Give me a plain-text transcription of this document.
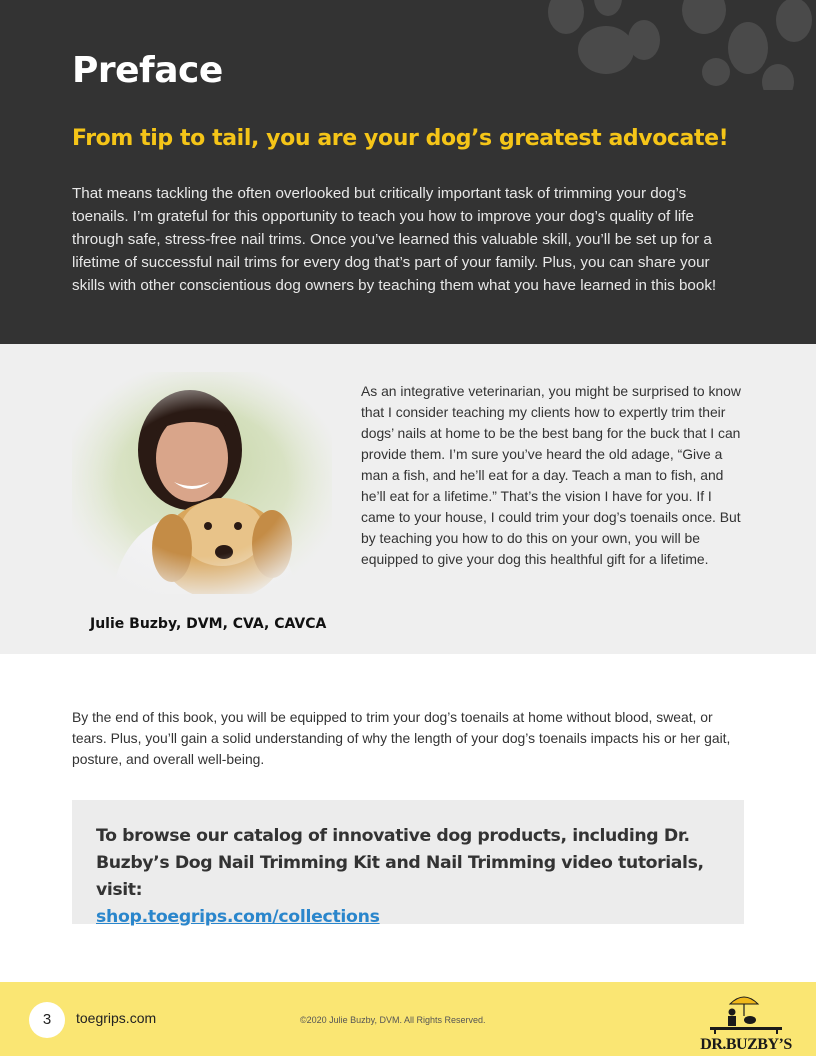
Preface
From tip to tail, you are your dog’s greatest advocate!

That means tackling the often overlooked but critically important task of trimming your dog’s toenails. I’m grateful for this opportunity to teach you how to improve your dog’s quality of life through safe, stress-free nail trims. Once you’ve learned this valuable skill, you’ll be set up for a lifetime of successful nail trims for every dog that’s part of your family. Plus, you can share your skills with other conscientious dog owners by teaching them what you have learned in this book!

Julie Buzby, DVM, CVA, CAVCA

As an integrative veterinarian, you might be surprised to know that I consider teaching my clients how to expertly trim their dogs’ nails at home to be the best bang for the buck that I can provide them. I’m sure you’ve heard the old adage, “Give a man a fish, and he’ll eat for a day. Teach a man to fish, and he’ll eat for a lifetime.” That’s the vision I have for you. If I came to your house, I could trim your dog’s toenails once. But by teaching you how to do this on your own, you will be equipped to give your dog this healthful gift for a lifetime.

By the end of this book, you will be equipped to trim your dog’s toenails at home without blood, sweat, or tears. Plus, you’ll gain a solid understanding of why the length of your dog’s toenails impacts his or her gait, posture, and overall well-being.

To browse our catalog of innovative dog products, including Dr. Buzby’s Dog Nail Trimming Kit and Nail Trimming video tutorials, visit:

shop.toegrips.com/collections
3	toegrips.com	©2020 Julie Buzby, DVM. All Rights Reserved.
DR.BUZBY’S
